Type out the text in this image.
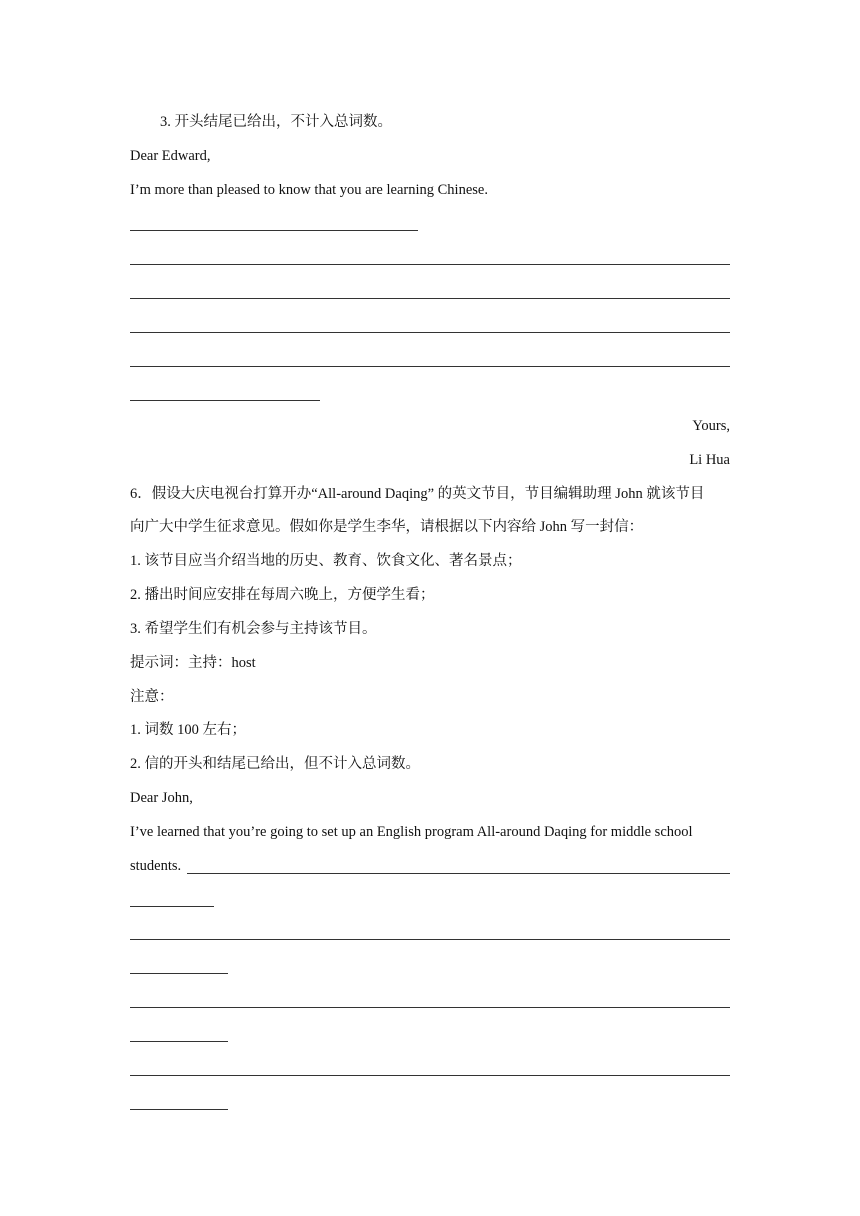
3. 开头结尾已给出，不计入总词数。
Dear Edward,
I’m more than pleased to know that you are learning Chinese.
Yours,
Li Hua
6．假设大庆电视台打算开办“All-around Daqing” 的英文节目，节目编辑助理 John 就该节目
向广大中学生征求意见。假如你是学生李华，请根据以下内容给 John 写一封信：
1. 该节目应当介绍当地的历史、教育、饮食文化、著名景点；
2. 播出时间应安排在每周六晚上，方便学生看；
3. 希望学生们有机会参与主持该节目。
提示词：主持：host
注意：
1. 词数 100 左右；
2. 信的开头和结尾已给出，但不计入总词数。
Dear John,
I’ve learned that you’re going to set up an English program All-around Daqing for middle school
students.
